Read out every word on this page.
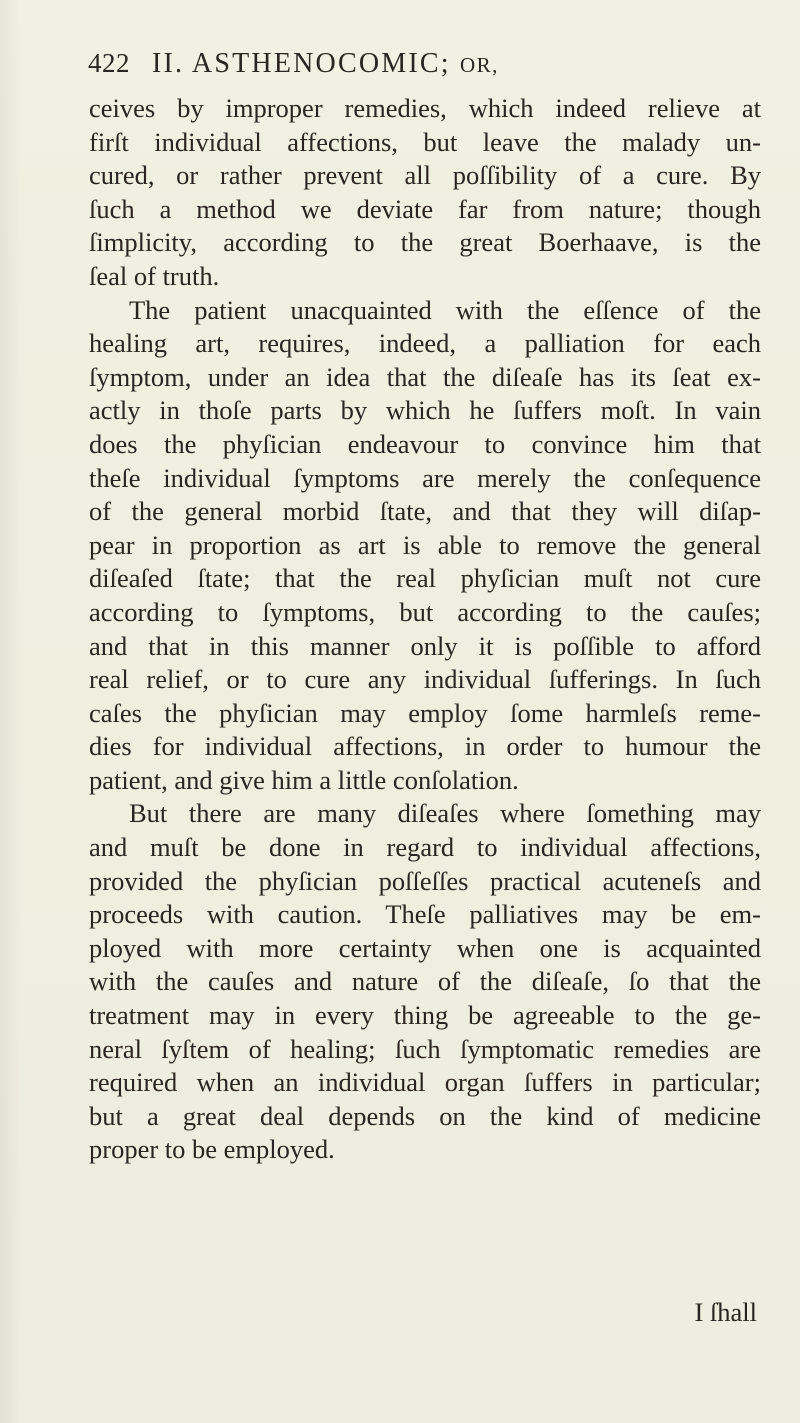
422 II. ASTHENOCOMIC; OR,
ceives by improper remedies, which indeed relieve at
firſt individual affections, but leave the malady un-
cured, or rather prevent all poſſibility of a cure. By
ſuch a method we deviate far from nature; though
ſimplicity, according to the great Boerhaave, is the
ſeal of truth.
The patient unacquainted with the eſſence of the
healing art, requires, indeed, a palliation for each
ſymptom, under an idea that the diſeaſe has its ſeat ex-
actly in thoſe parts by which he ſuffers moſt. In vain
does the phyſician endeavour to convince him that
theſe individual ſymptoms are merely the conſequence
of the general morbid ſtate, and that they will diſap-
pear in proportion as art is able to remove the general
diſeaſed ſtate; that the real phyſician muſt not cure
according to ſymptoms, but according to the cauſes;
and that in this manner only it is poſſible to afford
real relief, or to cure any individual ſufferings. In ſuch
caſes the phyſician may employ ſome harmleſs reme-
dies for individual affections, in order to humour the
patient, and give him a little conſolation.
But there are many diſeaſes where ſomething may
and muſt be done in regard to individual affections,
provided the phyſician poſſeſſes practical acuteneſs and
proceeds with caution. Theſe palliatives may be em-
ployed with more certainty when one is acquainted
with the cauſes and nature of the diſeaſe, ſo that the
treatment may in every thing be agreeable to the ge-
neral ſyſtem of healing; ſuch ſymptomatic remedies are
required when an individual organ ſuffers in particular;
but a great deal depends on the kind of medicine
proper to be employed.
I ſhall
